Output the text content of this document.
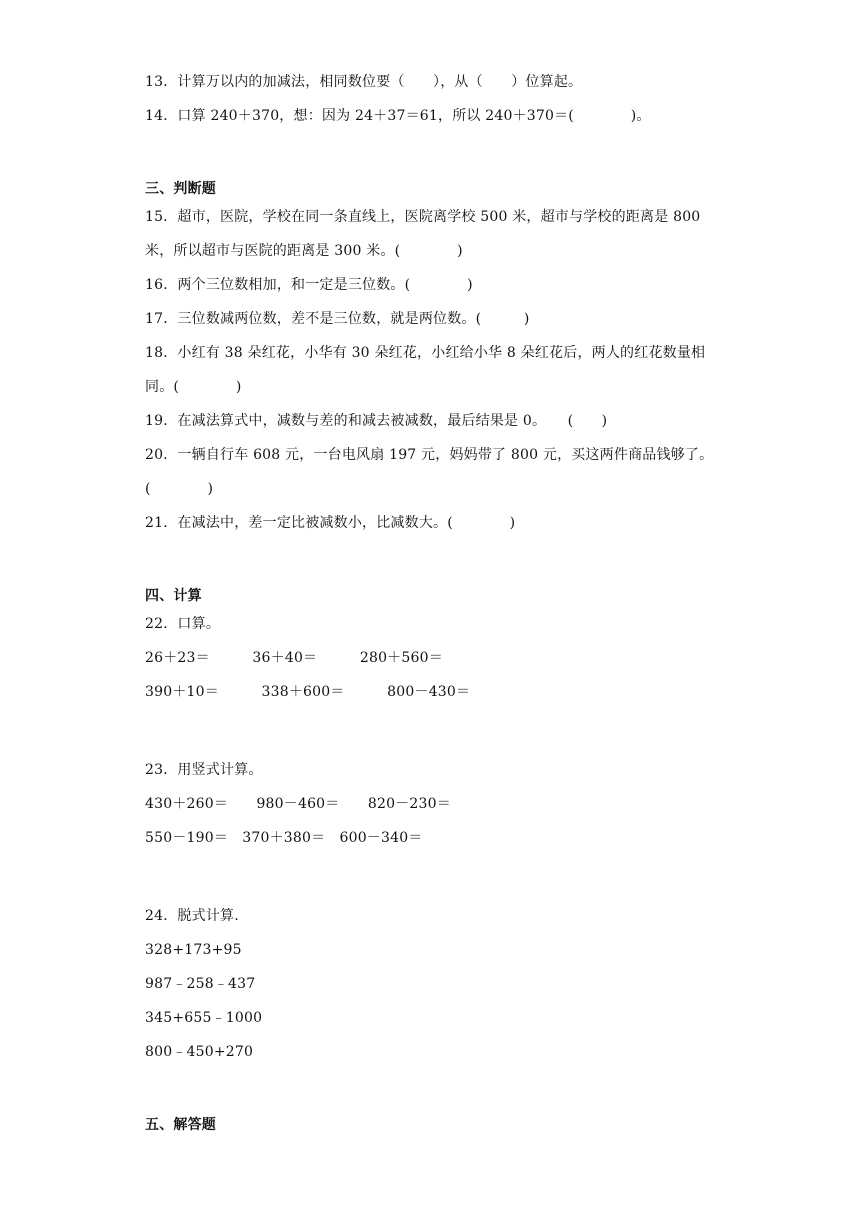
13．计算万以内的加减法，相同数位要（　　），从（　　）位算起。
14．口算 240＋370，想：因为 24＋37＝61，所以 240＋370＝(　　　　)。
三、判断题
15．超市，医院，学校在同一条直线上，医院离学校 500 米，超市与学校的距离是 800
米，所以超市与医院的距离是 300 米。(　　　　)
16．两个三位数相加，和一定是三位数。(　　　　)
17．三位数减两位数，差不是三位数，就是两位数。(　　　)
18．小红有 38 朵红花，小华有 30 朵红花，小红给小华 8 朵红花后，两人的红花数量相
同。(　　　　)
19．在减法算式中，减数与差的和减去被减数，最后结果是 0。　　(　　)
20．一辆自行车 608 元，一台电风扇 197 元，妈妈带了 800 元，买这两件商品钱够了。
(　　　　)
21．在减法中，差一定比被减数小，比减数大。(　　　　)
四、计算
22．口算。
26＋23＝　　　36＋40＝　　　280＋560＝
390＋10＝　　　338＋600＝　　　800－430＝
23．用竖式计算。
430＋260＝　　980－460＝　　820－230＝
550－190＝　370＋380＝　600－340＝
24．脱式计算.
328+173+95
987﹣258﹣437
345+655﹣1000
800﹣450+270
五、解答题
